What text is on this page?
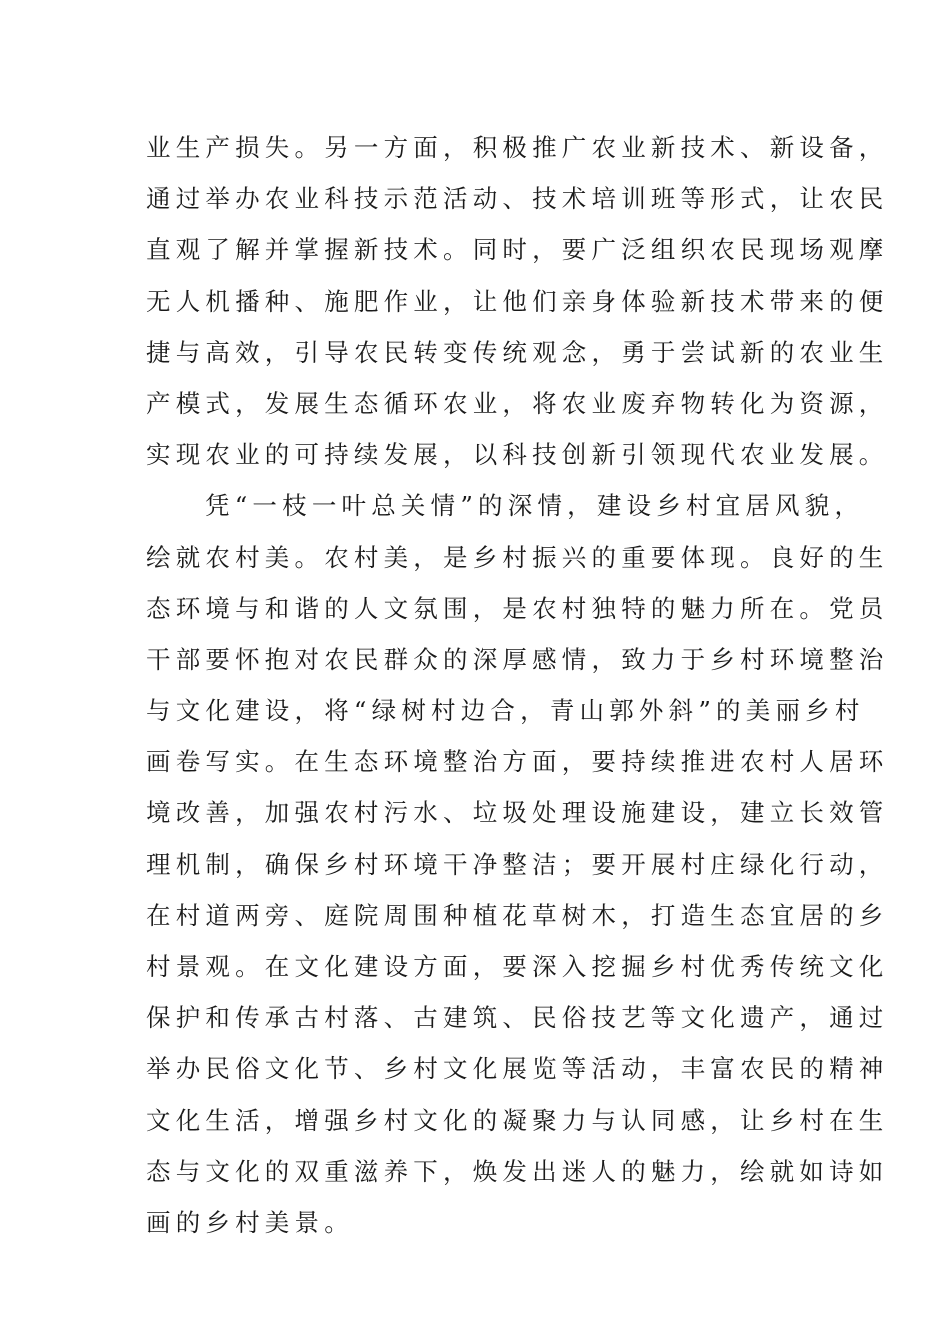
业生产损失。另一方面，积极推广农业新技术、新设备，
通过举办农业科技示范活动、技术培训班等形式，让农民
直观了解并掌握新技术。同时，要广泛组织农民现场观摩
无人机播种、施肥作业，让他们亲身体验新技术带来的便
捷与高效，引导农民转变传统观念，勇于尝试新的农业生
产模式，发展生态循环农业，将农业废弃物转化为资源，
实现农业的可持续发展，以科技创新引领现代农业发展。
凭“一枝一叶总关情”的深情，建设乡村宜居风貌，
绘就农村美。农村美，是乡村振兴的重要体现。良好的生
态环境与和谐的人文氛围，是农村独特的魅力所在。党员
干部要怀抱对农民群众的深厚感情，致力于乡村环境整治
与文化建设，将“绿树村边合，青山郭外斜”的美丽乡村
画卷写实。在生态环境整治方面，要持续推进农村人居环
境改善，加强农村污水、垃圾处理设施建设，建立长效管
理机制，确保乡村环境干净整洁；要开展村庄绿化行动，
在村道两旁、庭院周围种植花草树木，打造生态宜居的乡
村景观。在文化建设方面，要深入挖掘乡村优秀传统文化
保护和传承古村落、古建筑、民俗技艺等文化遗产，通过
举办民俗文化节、乡村文化展览等活动，丰富农民的精神
文化生活，增强乡村文化的凝聚力与认同感，让乡村在生
态与文化的双重滋养下，焕发出迷人的魅力，绘就如诗如
画的乡村美景。
